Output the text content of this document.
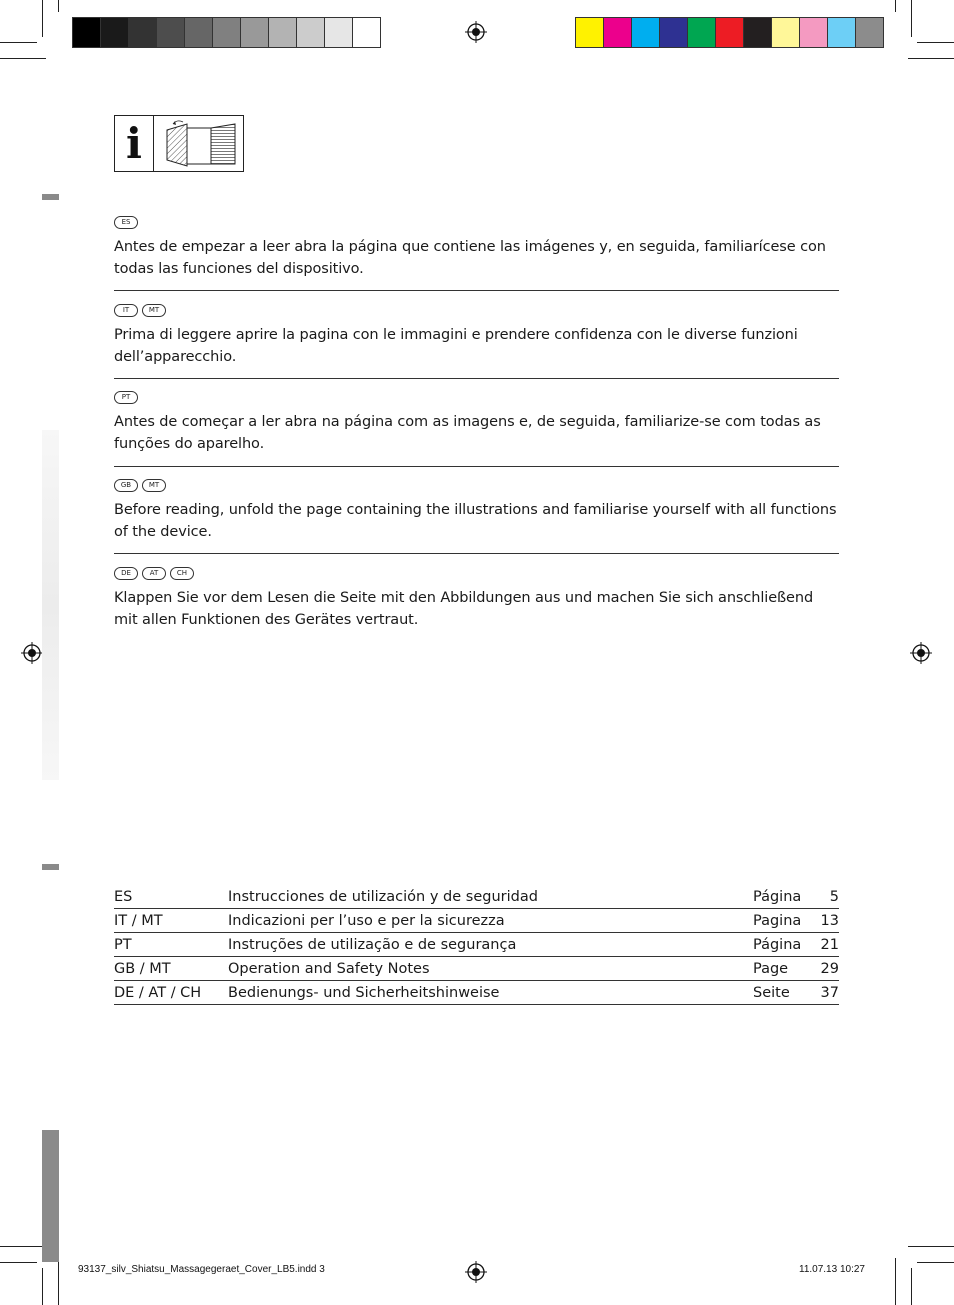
i
ES
Antes de empezar a leer abra la página que contiene las imágenes y, en seguida, familiarícese con todas las funciones del dispositivo.
IT	MT
Prima di leggere aprire la pagina con le immagini e prendere confidenza con le diverse funzioni dell’apparecchio.
PT
Antes de começar a ler abra na página com as imagens e, de seguida, familiarize-se com todas as funções do aparelho.
GB	MT
Before reading, unfold the page containing the illustrations and familiarise yourself with all functions of the device.
DE	AT	CH
Klappen Sie vor dem Lesen die Seite mit den Abbildungen aus und machen Sie sich anschließend mit allen Funktionen des Gerätes vertraut.
ES	Instrucciones de utilización y de seguridad	Página	5
IT / MT	Indicazioni per l’uso e per la sicurezza	Pagina	13
PT	Instruções de utilização e de segurança	Página	21
GB / MT	Operation and Safety Notes	Page	29
DE / AT / CH	Bedienungs- und Sicherheitshinweise	Seite	37
93137_silv_Shiatsu_Massagegeraet_Cover_LB5.indd 3	11.07.13 10:27
